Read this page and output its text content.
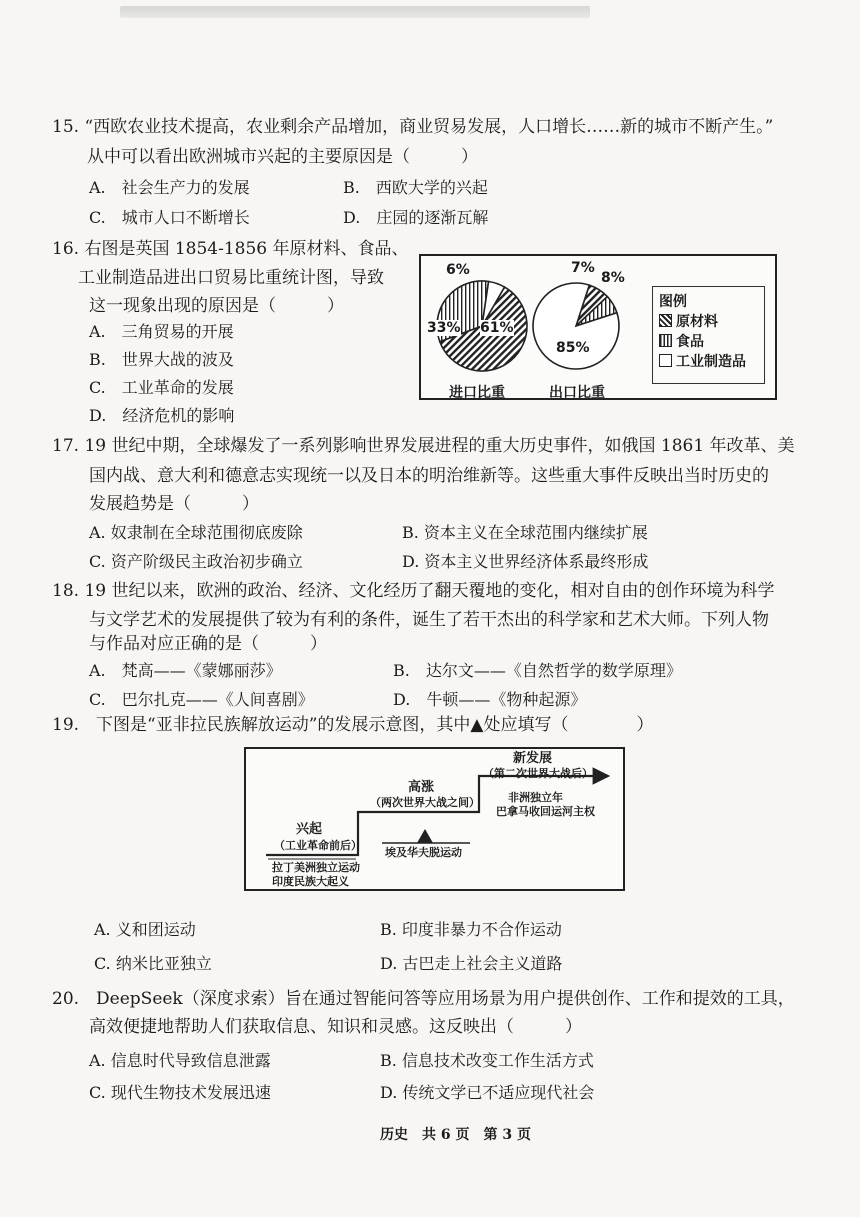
15. “西欧农业技术提高，农业剩余产品增加，商业贸易发展，人口增长……新的城市不断产生。”
从中可以看出欧洲城市兴起的主要原因是（　　　）
A.　社会生产力的发展	B.　西欧大学的兴起
C.　城市人口不断增长	D.　庄园的逐渐瓦解
16. 右图是英国 1854-1856 年原材料、食品、
工业制造品进出口贸易比重统计图，导致
这一现象出现的原因是（　　　）
A.　三角贸易的开展
B.　世界大战的波及
C.　工业革命的发展
D.　经济危机的影响
6%
33% 61%
进口比重
7%
8%
85%
出口比重
图例
原材料
食品
工业制造品
17. 19 世纪中期，全球爆发了一系列影响世界发展进程的重大历史事件，如俄国 1861 年改革、美
国内战、意大利和德意志实现统一以及日本的明治维新等。这些重大事件反映出当时历史的
发展趋势是（　　　）
A. 奴隶制在全球范围彻底废除	B. 资本主义在全球范围内继续扩展
C. 资产阶级民主政治初步确立	D. 资本主义世界经济体系最终形成
18. 19 世纪以来，欧洲的政治、经济、文化经历了翻天覆地的变化，相对自由的创作环境为科学
与文学艺术的发展提供了较为有利的条件，诞生了若干杰出的科学家和艺术大师。下列人物
与作品对应正确的是（　　　）
A.　梵高——《蒙娜丽莎》	B.　达尔文——《自然哲学的数学原理》
C.　巴尔扎克——《人间喜剧》	D.　牛顿——《物种起源》
19.　下图是“亚非拉民族解放运动”的发展示意图，其中▲处应填写（　　　　）
兴起
（工业革命前后）
拉丁美洲独立运动
印度民族大起义
高涨
（两次世界大战之间）
埃及华夫脱运动
新发展
（第二次世界大战后）
非洲独立年
巴拿马收回运河主权
A. 义和团运动	B. 印度非暴力不合作运动
C. 纳米比亚独立	D. 古巴走上社会主义道路
20.　DeepSeek（深度求索）旨在通过智能问答等应用场景为用户提供创作、工作和提效的工具，
高效便捷地帮助人们获取信息、知识和灵感。这反映出（　　　）
A. 信息时代导致信息泄露	B. 信息技术改变工作生活方式
C. 现代生物技术发展迅速	D. 传统文学已不适应现代社会
历史　共 6 页　第 3 页
